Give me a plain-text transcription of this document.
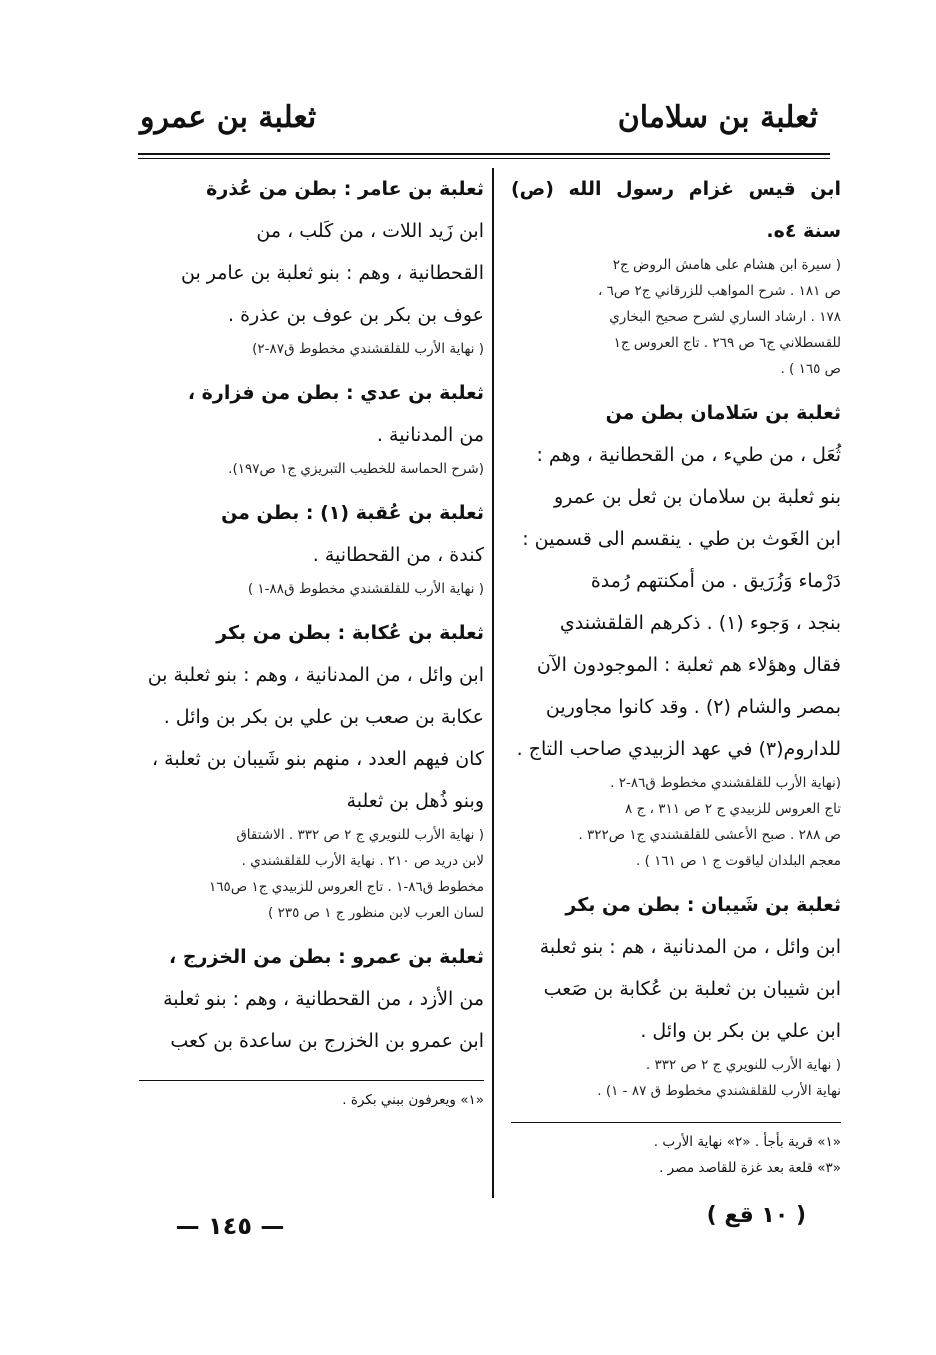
ثعلبة بن سلامان
ثعلبة بن عمرو

ابن قيس غزام رسول الله (ص) سنة ٤ه.

( سيرة ابن هشام على هامش الروض ج٢

ص ١٨١ . شرح المواهب للزرقاني ج٢ ص٦ ،

١٧٨ . ارشاد الساري لشرح صحيح البخاري

للقسطلاني ج٦ ص ٢٦٩ . تاج العروس ج١

ص ١٦٥ ) .

ثعلبة بن سَلامان بطن من

ثُعَل ، من طيء ، من القحطانية ، وهم :

بنو ثعلبة بن سلامان بن ثعل بن عمرو

ابن الغَوث بن طي . ينقسم الى قسمين :

دَرْماء وَزُرَيق . من أمكنتهم رُمدة

بنجد ، وَجوء (١) . ذكرهم القلقشندي

فقال وهؤلاء هم ثعلبة : الموجودون الآن

بمصر والشام (٢) . وقد كانوا مجاورين

للداروم(٣) في عهد الزبيدي صاحب التاج .

(نهاية الأرب للقلقشندي مخطوط ق٨٦-٢ .

تاج العروس للزبيدي ج ٢ ص ٣١١ ، ج ٨

ص ٢٨٨ . صبح الأعشى للقلقشندي ج١ ص٣٢٢ .

معجم البلدان لياقوت ج ١ ص ١٦١ ) .

ثعلبة بن شَيبان : بطن من بكر

ابن وائل ، من المدنانية ، هم : بنو ثعلبة

ابن شيبان بن ثعلبة بن عُكابة بن صَعب

ابن علي بن بكر بن وائل .

( نهاية الأرب للنويري ج ٢ ص ٣٣٢ .

نهاية الأرب للقلقشندي مخطوط ق ٨٧ - ١) .

«١» قرية بأجأ . «٢» نهاية الأرب .

«٣» قلعة بعد غزة للقاصد مصر .

ثعلبة بن عامر : بطن من عُذرة

ابن زَيد اللات ، من كَلب ، من

القحطانية ، وهم : بنو ثعلبة بن عامر بن

عوف بن بكر بن عوف بن عذرة .

( نهاية الأرب للقلقشندي مخطوط ق٨٧-٢)

ثعلبة بن عدي : بطن من فزارة ،

من المدنانية .

(شرح الحماسة للخطيب التبريزي ج١ ص١٩٧).

ثعلبة بن عُقبة (١) : بطن من

كندة ، من القحطانية .

( نهاية الأرب للقلقشندي مخطوط ق٨٨-١ )

ثعلبة بن عُكابة : بطن من بكر

ابن وائل ، من المدنانية ، وهم : بنو ثعلبة بن

عكابة بن صعب بن علي بن بكر بن وائل .

كان فيهم العدد ، منهم بنو شَيبان بن ثعلبة ،

وبنو ذُهل بن ثعلبة

( نهاية الأرب للنويري ج ٢ ص ٣٣٢ . الاشتقاق

لابن دريد ص ٢١٠ . نهاية الأرب للقلقشندي .

مخطوط ق٨٦-١ . تاج العروس للزبيدي ج١ ص١٦٥

لسان العرب لابن منظور ج ١ ص ٢٣٥ )

ثعلبة بن عمرو : بطن من الخزرج ،

من الأزد ، من القحطانية ، وهم : بنو ثعلبة

ابن عمرو بن الخزرج بن ساعدة بن كعب

«١» ويعرفون ببني بكرة .

— ١٤٥ —	( ١٠ قع )
